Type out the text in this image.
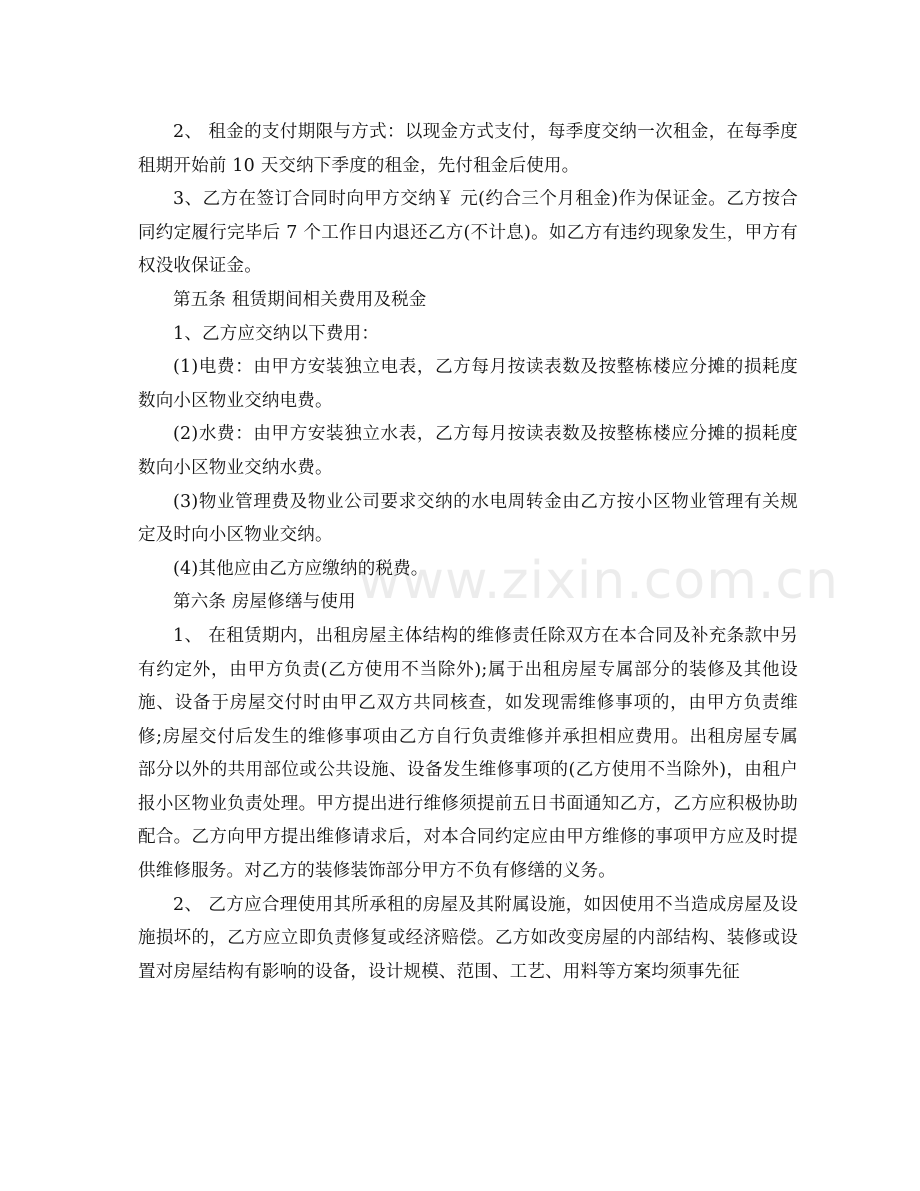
2、 租金的支付期限与方式：以现金方式支付，每季度交纳一次租金，在每季度租期开始前 10 天交纳下季度的租金，先付租金后使用。

3、乙方在签订合同时向甲方交纳￥ 元(约合三个月租金)作为保证金。乙方按合同约定履行完毕后 7 个工作日内退还乙方(不计息)。如乙方有违约现象发生，甲方有权没收保证金。

第五条 租赁期间相关费用及税金

1、乙方应交纳以下费用：

(1)电费：由甲方安装独立电表，乙方每月按读表数及按整栋楼应分摊的损耗度数向小区物业交纳电费。

(2)水费：由甲方安装独立水表，乙方每月按读表数及按整栋楼应分摊的损耗度数向小区物业交纳水费。

(3)物业管理费及物业公司要求交纳的水电周转金由乙方按小区物业管理有关规定及时向小区物业交纳。

(4)其他应由乙方应缴纳的税费。

第六条 房屋修缮与使用

1、 在租赁期内，出租房屋主体结构的维修责任除双方在本合同及补充条款中另有约定外，由甲方负责(乙方使用不当除外);属于出租房屋专属部分的装修及其他设施、设备于房屋交付时由甲乙双方共同核查，如发现需维修事项的，由甲方负责维修;房屋交付后发生的维修事项由乙方自行负责维修并承担相应费用。出租房屋专属部分以外的共用部位或公共设施、设备发生维修事项的(乙方使用不当除外)，由租户报小区物业负责处理。甲方提出进行维修须提前五日书面通知乙方，乙方应积极协助配合。乙方向甲方提出维修请求后，对本合同约定应由甲方维修的事项甲方应及时提供维修服务。对乙方的装修装饰部分甲方不负有修缮的义务。

2、 乙方应合理使用其所承租的房屋及其附属设施，如因使用不当造成房屋及设施损坏的，乙方应立即负责修复或经济赔偿。乙方如改变房屋的内部结构、装修或设置对房屋结构有影响的设备，设计规模、范围、工艺、用料等方案均须事先征

www.zixin.com.cn
